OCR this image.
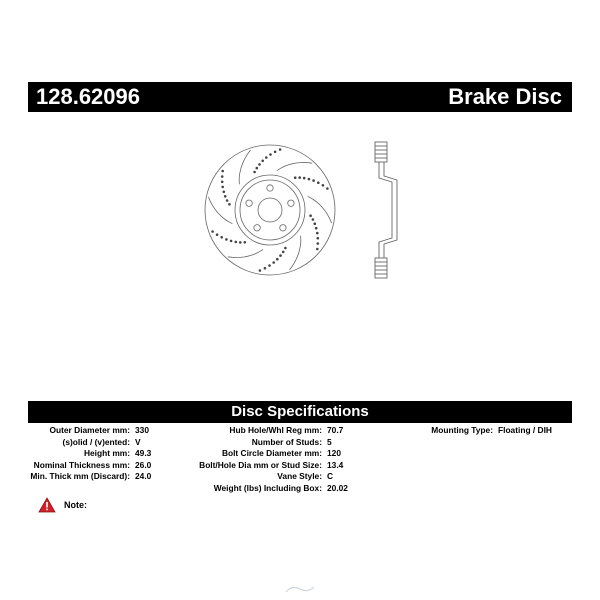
128.62096	Brake Disc
Disc Specifications
Outer Diameter mm: 330
(s)olid / (v)ented: V
Height mm: 49.3
Nominal Thickness mm: 26.0
Min. Thick mm (Discard): 24.0
Hub Hole/Whl Reg mm: 70.7
Number of Studs: 5
Bolt Circle Diameter mm: 120
Bolt/Hole Dia mm or Stud Size: 13.4
Vane Style: C
Weight (lbs) Including Box: 20.02
Mounting Type: Floating / DIH
Note:
